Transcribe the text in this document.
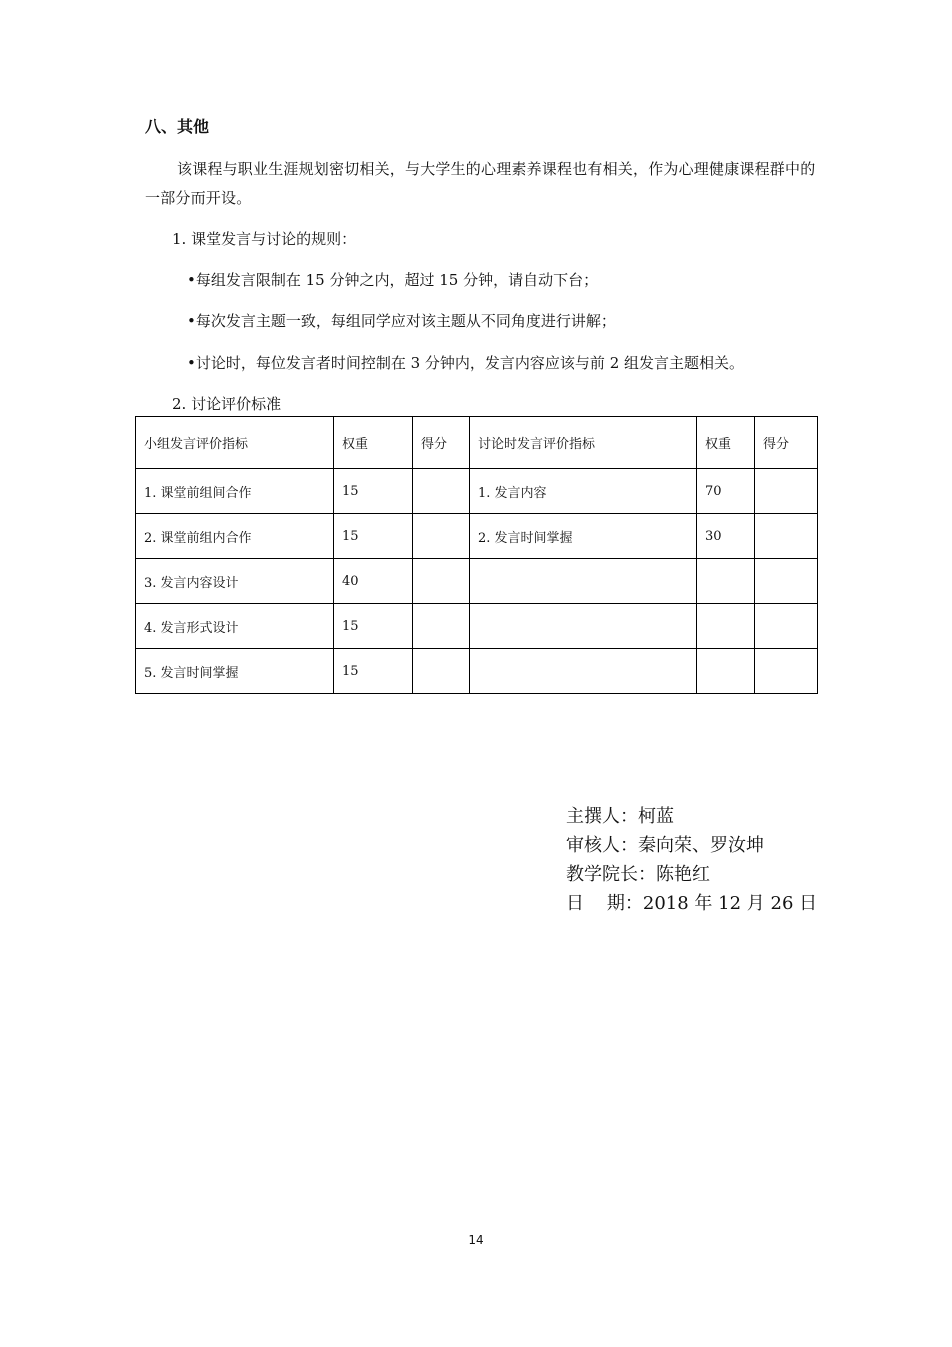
八、其他
该课程与职业生涯规划密切相关，与大学生的心理素养课程也有相关，作为心理健康课程群中的一部分而开设。
1. 课堂发言与讨论的规则：
•每组发言限制在 15 分钟之内，超过 15 分钟，请自动下台；
•每次发言主题一致，每组同学应对该主题从不同角度进行讲解；
•讨论时，每位发言者时间控制在 3 分钟内，发言内容应该与前 2 组发言主题相关。
2. 讨论评价标准
小组发言评价指标	权重	得分	讨论时发言评价指标	权重	得分
1. 课堂前组间合作	15		1. 发言内容	70	
2. 课堂前组内合作	15		2. 发言时间掌握	30	
3. 发言内容设计	40				
4. 发言形式设计	15				
5. 发言时间掌握	15				
主撰人：柯蓝
审核人：秦向荣、罗汝坤
教学院长：陈艳红
日    期：2018 年 12 月 26 日
14
